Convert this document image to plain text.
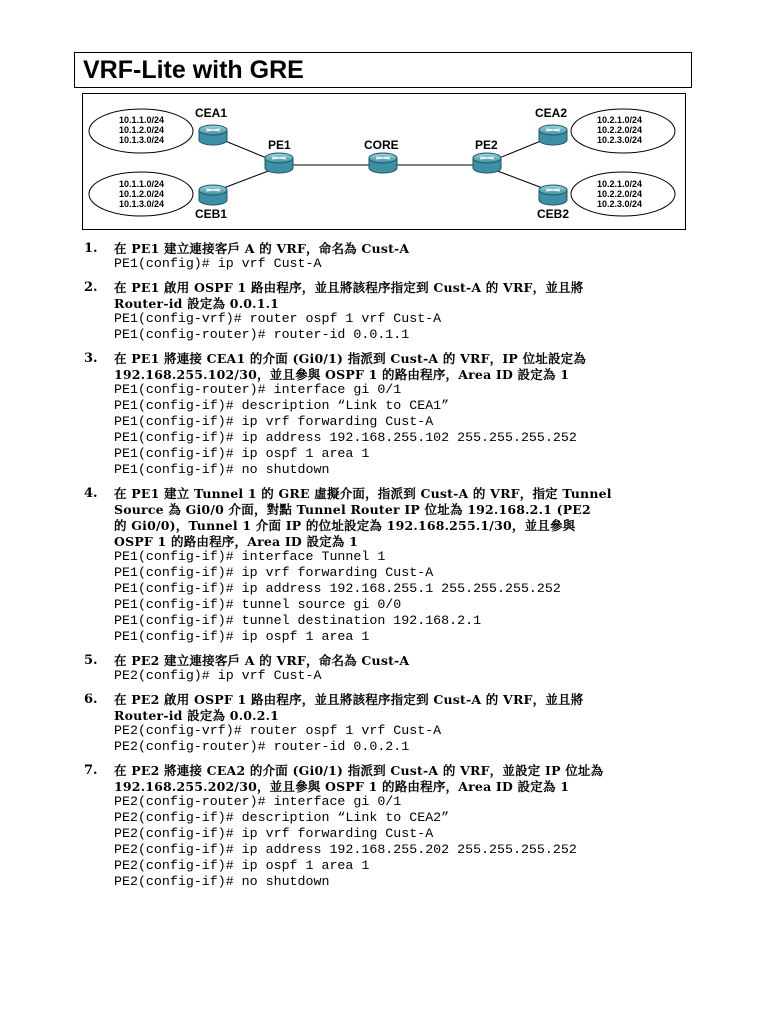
VRF-Lite with GRE
CEA1
CEB1
PE1	CORE	PE2
CEA2
CEB2
10.1.1.0/24
10.1.2.0/24
10.1.3.0/24
10.1.1.0/24
10.1.2.0/24
10.1.3.0/24
10.2.1.0/24
10.2.2.0/24
10.2.3.0/24
10.2.1.0/24
10.2.2.0/24
10.2.3.0/24
1.	在 PE1 建立連接客戶 A 的 VRF，命名為 Cust-A
PE1(config)# ip vrf Cust-A
2.	在 PE1 啟用 OSPF 1 路由程序，並且將該程序指定到 Cust-A 的 VRF，並且將
Router-id 設定為 0.0.1.1
PE1(config-vrf)# router ospf 1 vrf Cust-A
PE1(config-router)# router-id 0.0.1.1
3.	在 PE1 將連接 CEA1 的介面 (Gi0/1) 指派到 Cust-A 的 VRF，IP 位址設定為
192.168.255.102/30，並且參與 OSPF 1 的路由程序，Area ID 設定為 1
PE1(config-router)# interface gi 0/1
PE1(config-if)# description “Link to CEA1”
PE1(config-if)# ip vrf forwarding Cust-A
PE1(config-if)# ip address 192.168.255.102 255.255.255.252
PE1(config-if)# ip ospf 1 area 1
PE1(config-if)# no shutdown
4.	在 PE1 建立 Tunnel 1 的 GRE 虛擬介面，指派到 Cust-A 的 VRF，指定 Tunnel
Source 為 Gi0/0 介面，對點 Tunnel Router IP 位址為 192.168.2.1 (PE2
的 Gi0/0)，Tunnel 1 介面 IP 的位址設定為 192.168.255.1/30，並且參與
OSPF 1 的路由程序，Area ID 設定為 1
PE1(config-if)# interface Tunnel 1
PE1(config-if)# ip vrf forwarding Cust-A
PE1(config-if)# ip address 192.168.255.1 255.255.255.252
PE1(config-if)# tunnel source gi 0/0
PE1(config-if)# tunnel destination 192.168.2.1
PE1(config-if)# ip ospf 1 area 1
5.	在 PE2 建立連接客戶 A 的 VRF，命名為 Cust-A
PE2(config)# ip vrf Cust-A
6.	在 PE2 啟用 OSPF 1 路由程序，並且將該程序指定到 Cust-A 的 VRF，並且將
Router-id 設定為 0.0.2.1
PE2(config-vrf)# router ospf 1 vrf Cust-A
PE2(config-router)# router-id 0.0.2.1
7.	在 PE2 將連接 CEA2 的介面 (Gi0/1) 指派到 Cust-A 的 VRF，並設定 IP 位址為
192.168.255.202/30，並且參與 OSPF 1 的路由程序，Area ID 設定為 1
PE2(config-router)# interface gi 0/1
PE2(config-if)# description “Link to CEA2”
PE2(config-if)# ip vrf forwarding Cust-A
PE2(config-if)# ip address 192.168.255.202 255.255.255.252
PE2(config-if)# ip ospf 1 area 1
PE2(config-if)# no shutdown
